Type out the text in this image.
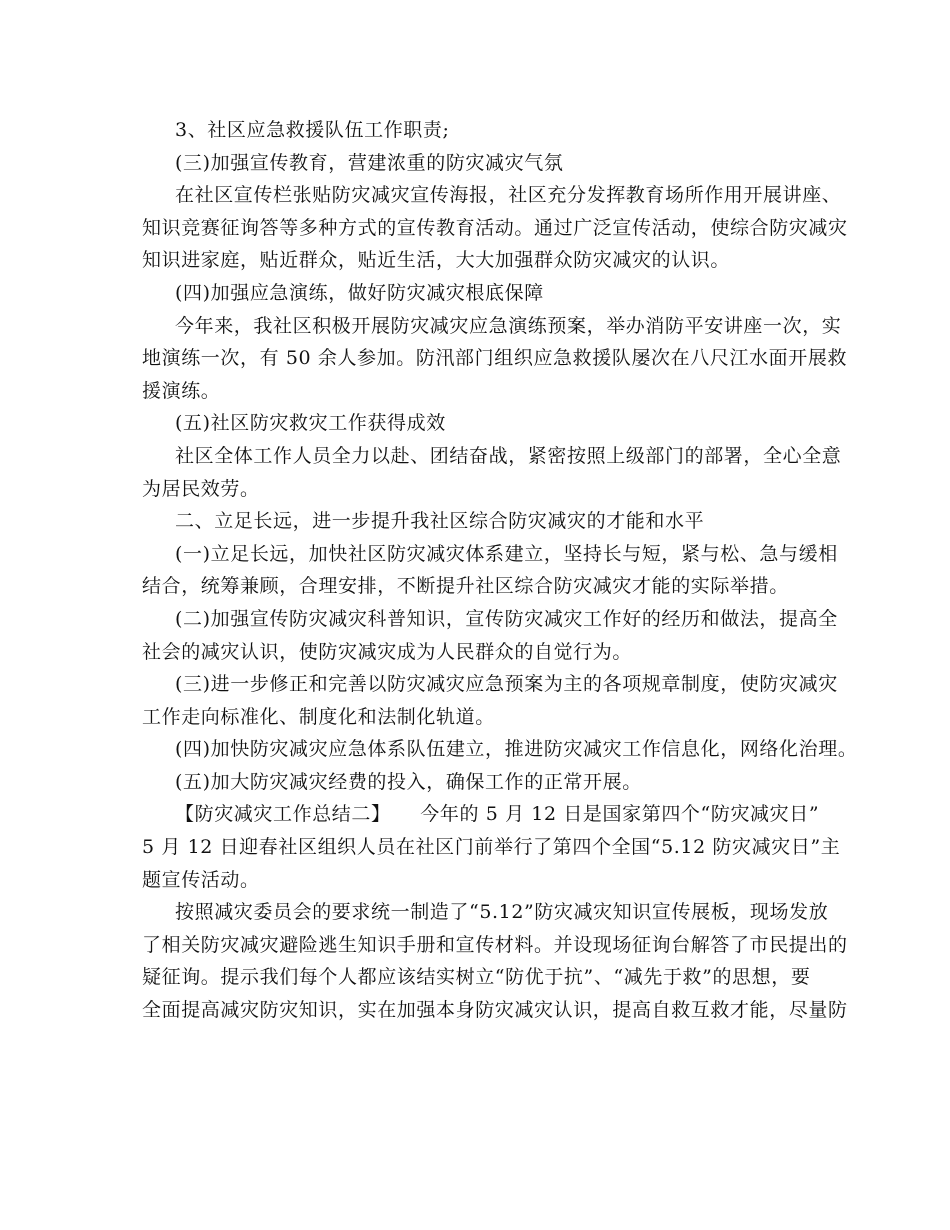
3、社区应急救援队伍工作职责;
(三)加强宣传教育，营建浓重的防灾减灾气氛
在社区宣传栏张贴防灾减灾宣传海报，社区充分发挥教育场所作用开展讲座、
知识竞赛征询答等多种方式的宣传教育活动。通过广泛宣传活动，使综合防灾减灾
知识进家庭，贴近群众，贴近生活，大大加强群众防灾减灾的认识。
(四)加强应急演练，做好防灾减灾根底保障
今年来，我社区积极开展防灾减灾应急演练预案，举办消防平安讲座一次，实
地演练一次，有 50 余人参加。防汛部门组织应急救援队屡次在八尺江水面开展救
援演练。
(五)社区防灾救灾工作获得成效
社区全体工作人员全力以赴、团结奋战，紧密按照上级部门的部署，全心全意
为居民效劳。
二、立足长远，进一步提升我社区综合防灾减灾的才能和水平
(一)立足长远，加快社区防灾减灾体系建立，坚持长与短，紧与松、急与缓相
结合，统筹兼顾，合理安排，不断提升社区综合防灾减灾才能的实际举措。
(二)加强宣传防灾减灾科普知识，宣传防灾减灾工作好的经历和做法，提高全
社会的减灾认识，使防灾减灾成为人民群众的自觉行为。
(三)进一步修正和完善以防灾减灾应急预案为主的各项规章制度，使防灾减灾
工作走向标准化、制度化和法制化轨道。
(四)加快防灾减灾应急体系队伍建立，推进防灾减灾工作信息化，网络化治理。
(五)加大防灾减灾经费的投入，确保工作的正常开展。
【防灾减灾工作总结二】　　今年的 5 月 12 日是国家第四个“防灾减灾日”
5 月 12 日迎春社区组织人员在社区门前举行了第四个全国“5.12 防灾减灾日”主
题宣传活动。
按照减灾委员会的要求统一制造了“5.12”防灾减灾知识宣传展板，现场发放
了相关防灾减灾避险逃生知识手册和宣传材料。并设现场征询台解答了市民提出的
疑征询。提示我们每个人都应该结实树立“防优于抗”、“减先于救”的思想，要
全面提高减灾防灾知识，实在加强本身防灾减灾认识，提高自救互救才能，尽量防
